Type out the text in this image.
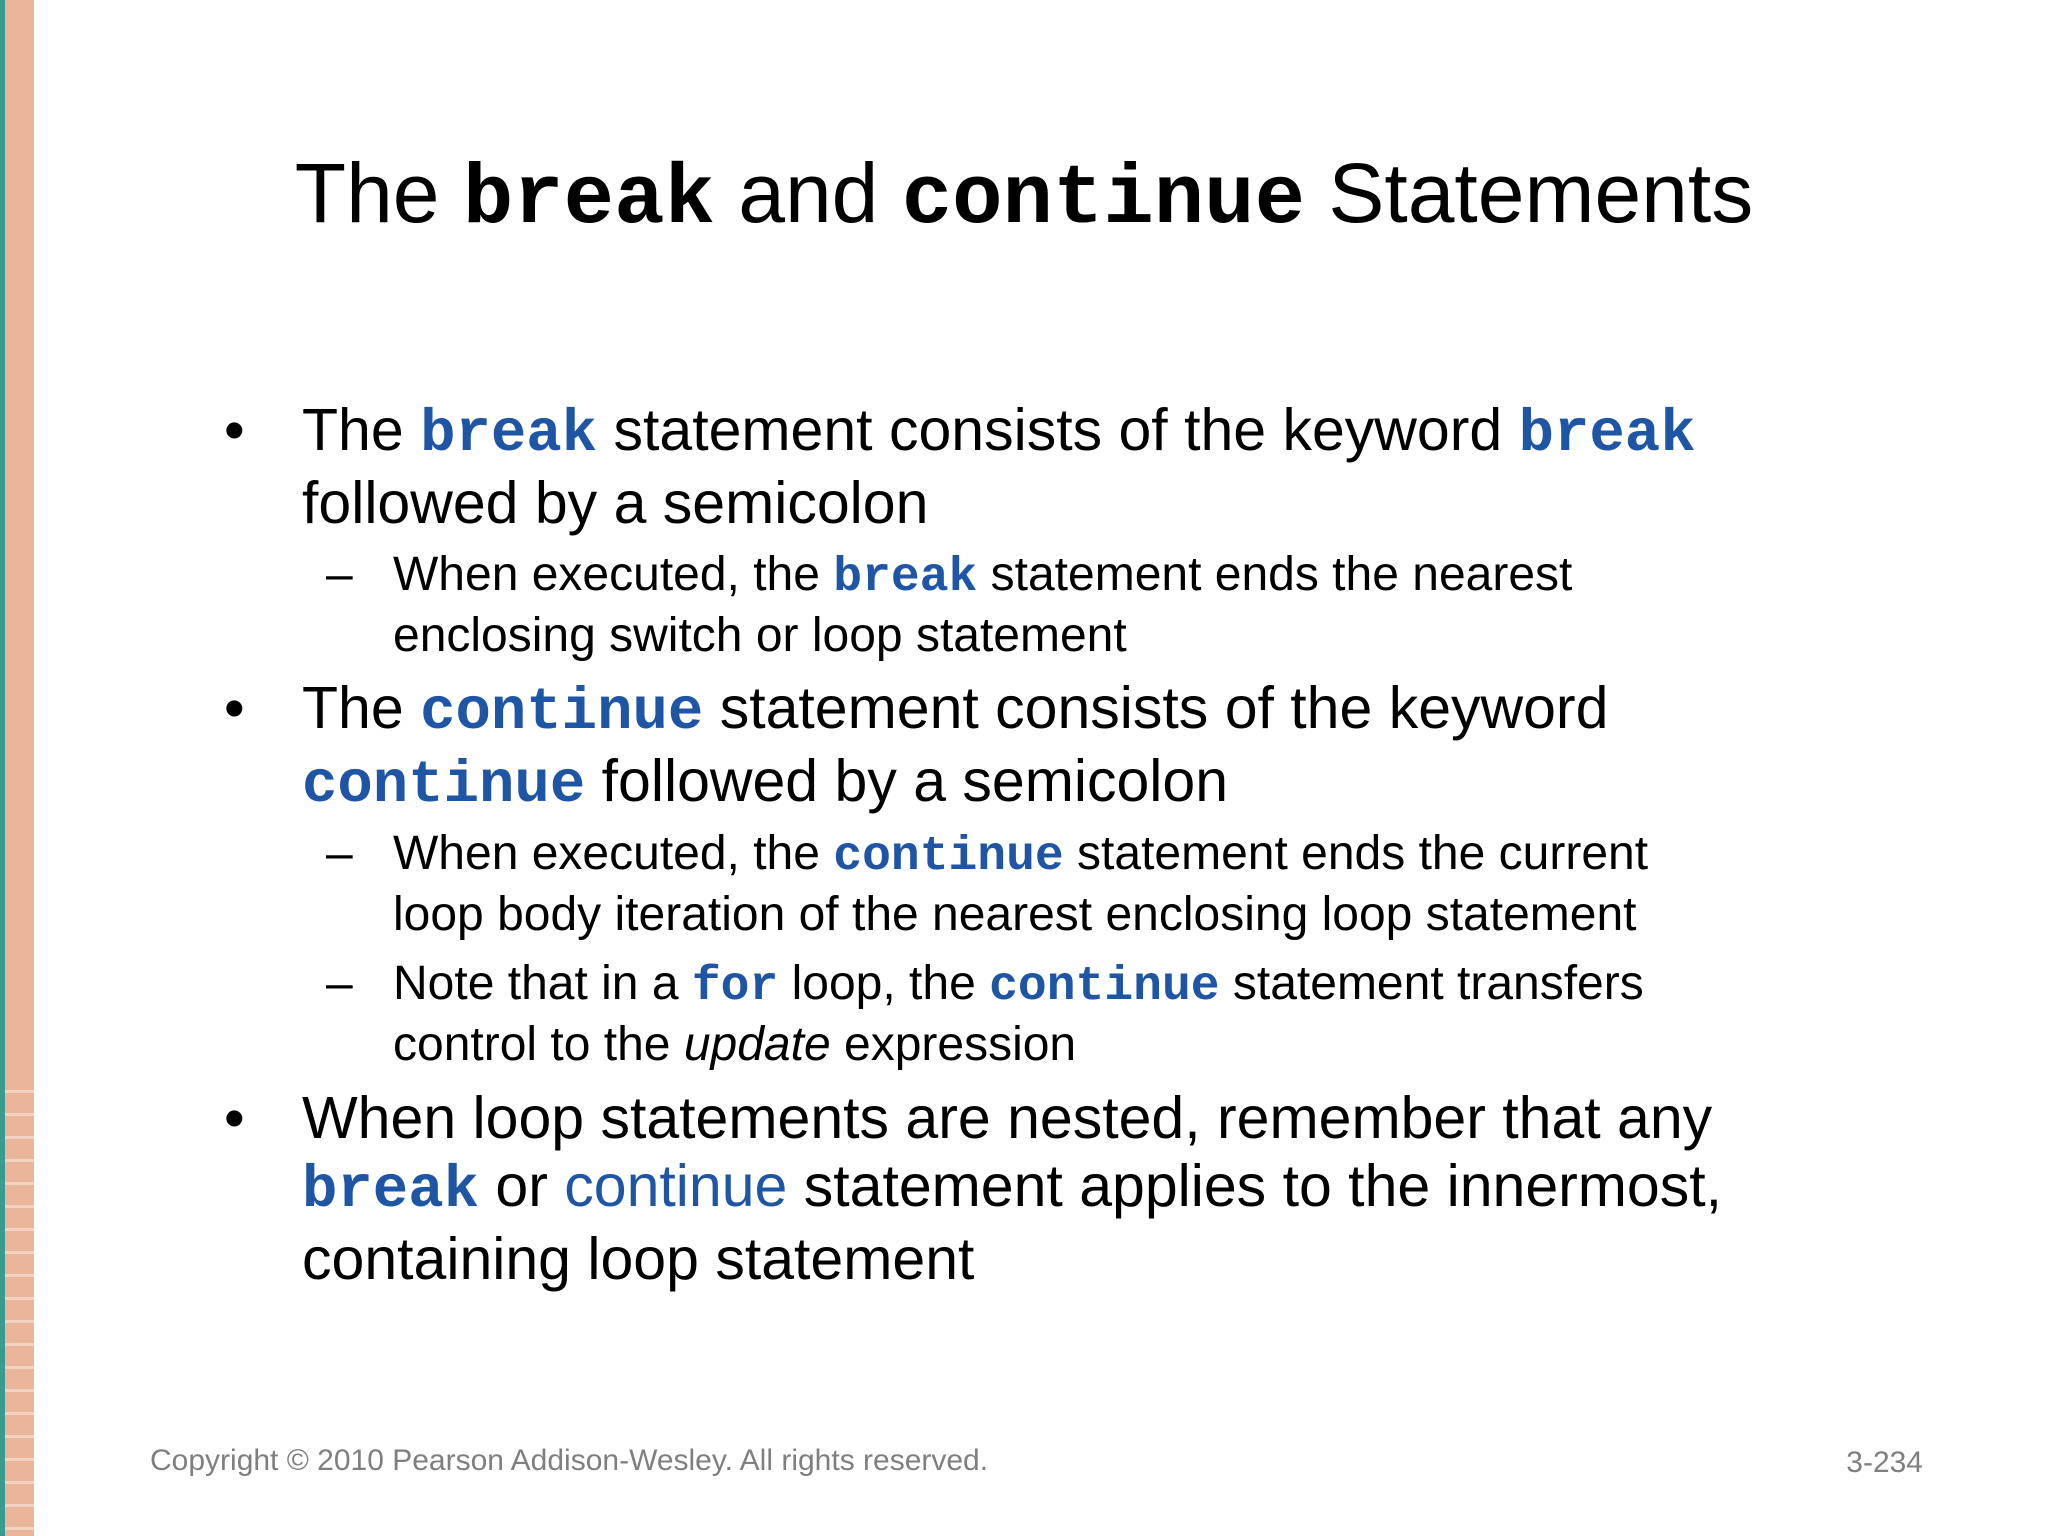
The break and continue Statements
• The break statement consists of the keyword break
followed by a semicolon
– When executed, the break statement ends the nearest
enclosing switch or loop statement
• The continue statement consists of the keyword
continue followed by a semicolon
– When executed, the continue statement ends the current
loop body iteration of the nearest enclosing loop statement
– Note that in a for loop, the continue statement transfers
control to the update expression
• When loop statements are nested, remember that any
break or continue statement applies to the innermost,
containing loop statement
Copyright © 2010 Pearson Addison-Wesley. All rights reserved.	3-234
